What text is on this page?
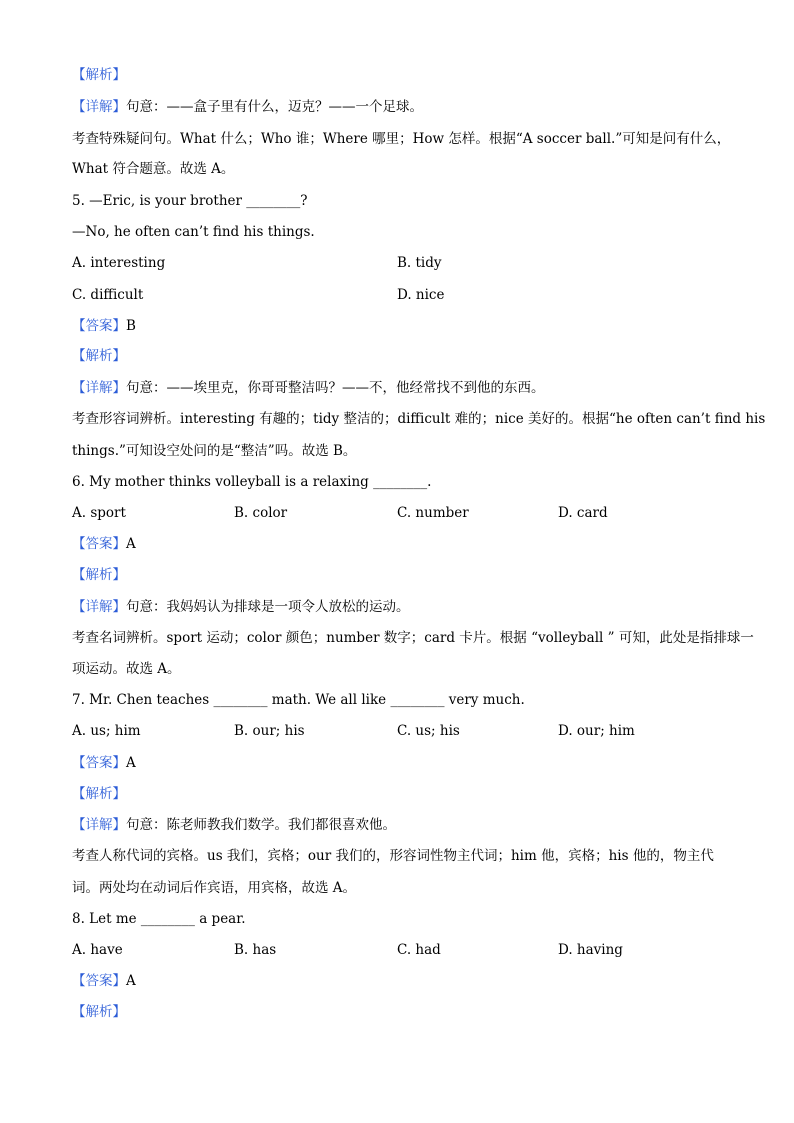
【解析】
【详解】句意：——盒子里有什么，迈克？——一个足球。
考查特殊疑问句。What 什么；Who 谁；Where 哪里；How 怎样。根据“A soccer ball.”可知是问有什么，
What 符合题意。故选 A。
5. —Eric, is your brother ________?
—No, he often can’t find his things.
A. interesting	B. tidy
C. difficult	D. nice
【答案】B
【解析】
【详解】句意：——埃里克，你哥哥整洁吗？——不，他经常找不到他的东西。
考查形容词辨析。interesting 有趣的；tidy 整洁的；difficult 难的；nice 美好的。根据“he often can’t find his
things.”可知设空处问的是“整洁”吗。故选 B。
6. My mother thinks volleyball is a relaxing ________.
A. sport	B. color	C. number	D. card
【答案】A
【解析】
【详解】句意：我妈妈认为排球是一项令人放松的运动。
考查名词辨析。sport 运动；color 颜色；number 数字；card 卡片。根据 “volleyball ” 可知，此处是指排球一
项运动。故选 A。
7. Mr. Chen teaches ________ math. We all like ________ very much.
A. us; him	B. our; his	C. us; his	D. our; him
【答案】A
【解析】
【详解】句意：陈老师教我们数学。我们都很喜欢他。
考查人称代词的宾格。us 我们，宾格；our 我们的，形容词性物主代词；him 他，宾格；his 他的，物主代
词。两处均在动词后作宾语，用宾格，故选 A。
8. Let me ________ a pear.
A. have	B. has	C. had	D. having
【答案】A
【解析】
